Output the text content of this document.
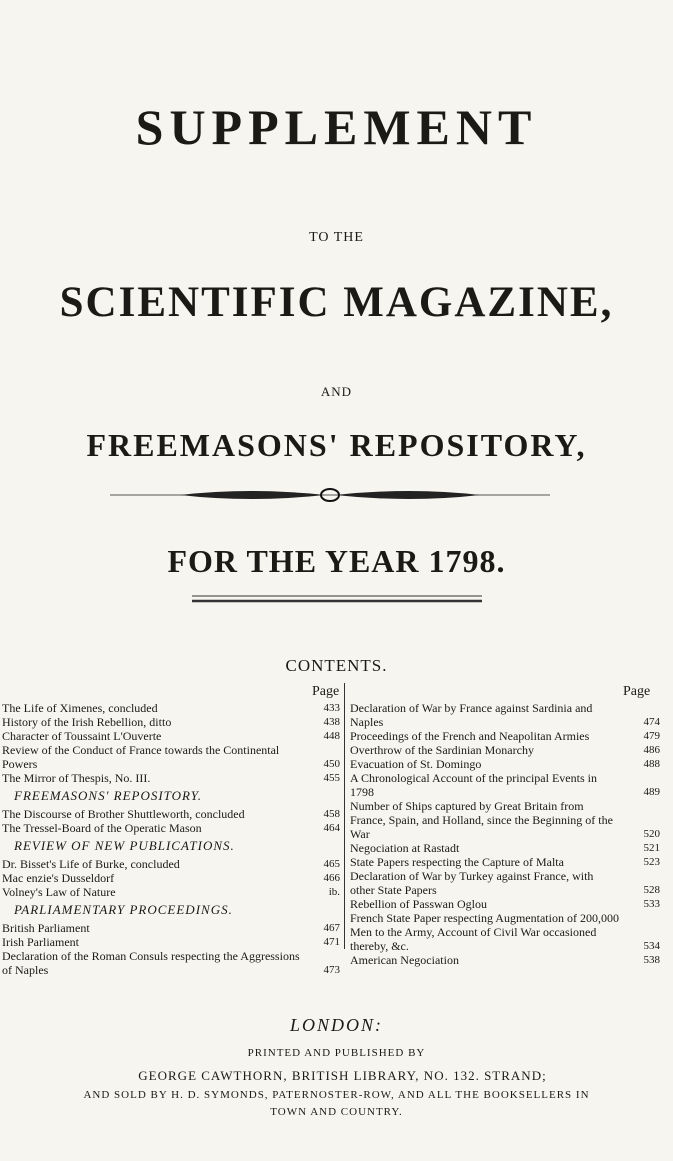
SUPPLEMENT
TO THE
SCIENTIFIC MAGAZINE,
AND
FREEMASONS' REPOSITORY,
FOR THE YEAR 1798.
CONTENTS.
Page	Page
The Life of Ximenes, concluded	433
History of the Irish Rebellion, ditto	438
Character of Toussaint L'Ouverte	448
Review of the Conduct of France towards the Continental Powers	450
The Mirror of Thespis, No. III.	455
FREEMASONS' REPOSITORY.
The Discourse of Brother Shuttleworth, concluded	458
The Tressel-Board of the Operatic Mason	464
REVIEW OF NEW PUBLICATIONS.
Dr. Bisset's Life of Burke, concluded	465
Mac enzie's Dusseldorf	466
Volney's Law of Nature	ib.
PARLIAMENTARY PROCEEDINGS.
British Parliament	467
Irish Parliament	471
Declaration of the Roman Consuls respecting the Aggressions of Naples	473
Declaration of War by France against Sardinia and Naples	474
Proceedings of the French and Neapolitan Armies	479
Overthrow of the Sardinian Monarchy	486
Evacuation of St. Domingo	488
A Chronological Account of the principal Events in 1798	489
Number of Ships captured by Great Britain from France, Spain, and Holland, since the Beginning of the War	520
Negociation at Rastadt	521
State Papers respecting the Capture of Malta	523
Declaration of War by Turkey against France, with other State Papers	528
Rebellion of Passwan Oglou	533
French State Paper respecting Augmentation of 200,000 Men to the Army, Account of Civil War occasioned thereby, &c.	534
American Negociation	538
LONDON:
PRINTED AND PUBLISHED BY
GEORGE CAWTHORN, BRITISH LIBRARY, NO. 132. STRAND;
AND SOLD BY H. D. SYMONDS, PATERNOSTER-ROW, AND ALL THE BOOKSELLERS IN
TOWN AND COUNTRY.
